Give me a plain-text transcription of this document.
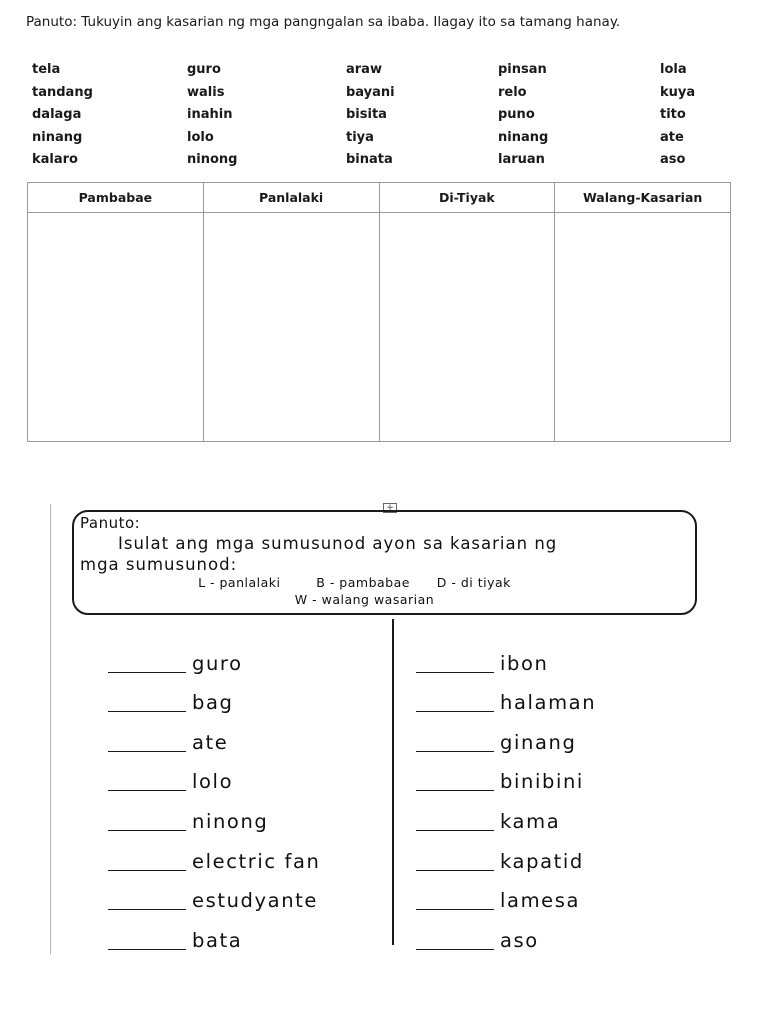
Panuto: Tukuyin ang kasarian ng mga pangngalan sa ibaba. Ilagay ito sa tamang hanay.
tela	guro	araw	pinsan	lola
tandang	walis	bayani	relo	kuya
dalaga	inahin	bisita	puno	tito
ninang	lolo	tiya	ninang	ate
kalaro	ninong	binata	laruan	aso
Pambabae	Panlalaki	Di-Tiyak	Walang-Kasarian

+
Panuto:
Isulat ang mga sumusunod ayon sa kasarian ng
mga sumusunod:
L - panlalaki        B - pambabae      D - di tiyak
W - walang wasarian
guro
bag
ate
lolo
ninong
electric fan
estudyante
bata
ibon
halaman
ginang
binibini
kama
kapatid
lamesa
aso
